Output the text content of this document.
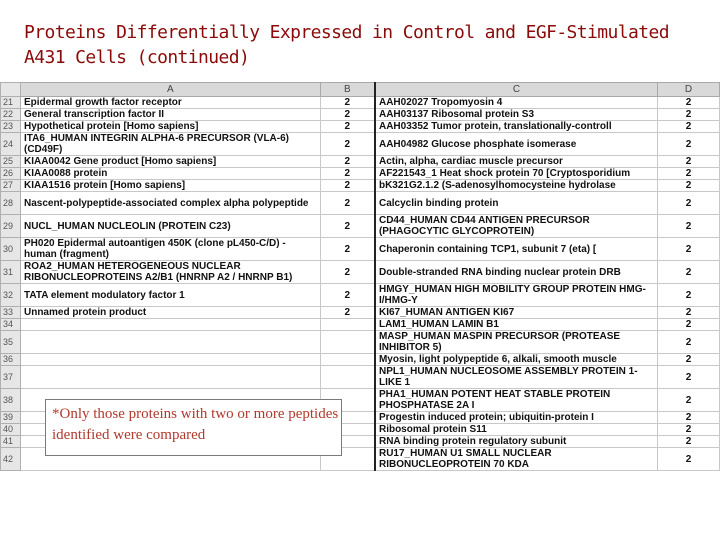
Proteins Differentially Expressed in Control and EGF-Stimulated
A431 Cells (continued)
	A	B	C	D
21	Epidermal growth factor receptor	2	AAH02027 Tropomyosin 4	2
22	General transcription factor II	2	AAH03137 Ribosomal protein S3	2
23	Hypothetical protein [Homo sapiens]	2	AAH03352 Tumor protein, translationally-controll	2
24	ITA6_HUMAN INTEGRIN ALPHA-6 PRECURSOR (VLA-6) (CD49F)	2	AAH04982 Glucose phosphate isomerase	2
25	KIAA0042 Gene product [Homo sapiens]	2	Actin, alpha, cardiac muscle precursor	2
26	KIAA0088 protein	2	AF221543_1 Heat shock protein 70 [Cryptosporidium	2
27	KIAA1516 protein [Homo sapiens]	2	bK321G2.1.2 (S-adenosylhomocysteine hydrolase	2
28	Nascent-polypeptide-associated complex alpha polypeptide	2	Calcyclin binding protein	2
29	NUCL_HUMAN NUCLEOLIN (PROTEIN C23)	2	CD44_HUMAN CD44 ANTIGEN PRECURSOR (PHAGOCYTIC GLYCOPROTEIN)	2
30	PH020 Epidermal autoantigen 450K (clone pL450-C/D) - human (fragment)	2	Chaperonin containing TCP1, subunit 7 (eta) [	2
31	ROA2_HUMAN HETEROGENEOUS NUCLEAR RIBONUCLEOPROTEINS A2/B1 (HNRNP A2 / HNRNP B1)	2	Double-stranded RNA binding nuclear protein DRB	2
32	TATA element modulatory factor 1	2	HMGY_HUMAN HIGH MOBILITY GROUP PROTEIN HMG-I/HMG-Y	2
33	Unnamed protein product	2	KI67_HUMAN ANTIGEN KI67	2
34			LAM1_HUMAN LAMIN B1	2
35			MASP_HUMAN MASPIN PRECURSOR (PROTEASE INHIBITOR 5)	2
36			Myosin, light polypeptide 6, alkali, smooth muscle	2
37			NPL1_HUMAN NUCLEOSOME ASSEMBLY PROTEIN 1-LIKE 1	2
38			PHA1_HUMAN POTENT HEAT STABLE PROTEIN PHOSPHATASE 2A I	2
39			Progestin induced protein; ubiquitin-protein I	2
40			Ribosomal protein S11	2
41			RNA binding protein regulatory subunit	2
42			RU17_HUMAN U1 SMALL NUCLEAR RIBONUCLEOPROTEIN 70 KDA	2
*Only those proteins with two or more peptides identified were compared
